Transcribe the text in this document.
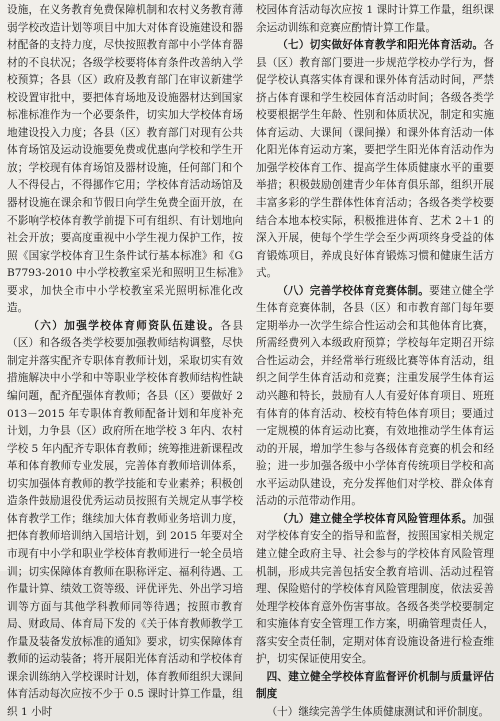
设施，在义务教育免费保障机制和农村义务教育薄弱学校改造计划等项目中加大对体育设施建设和器材配备的支持力度，尽快按照教育部中小学体育器材的不良状况；各级学校要将体育条件改善纳入学校预算；各县（区）政府及教育部门在审议新建学校设置审批中，要把体育场地及设施器材达到国家标准标准作为一个必要条件，切实加大学校体育场地建设投入力度；各县（区）教育部门对现有公共体育场馆及运动设施要免费或优惠向学校和学生开放；学校现有体育场馆及器材设施，任何部门和个人不得侵占，不得挪作它用；学校体育活动场馆及器材设施在课余和节假日向学生免费全面开放，在不影响学校体育教学前提下可有组织、有计划地向社会开放；要高度重视中小学生视力保护工作，按照《国家学校体育卫生条件试行基本标准》和《GB7793-2010 中小学校教室采光和照明卫生标准》要求，加快全市中小学校教室采光照明标准化改造。

（六）加强学校体育师资队伍建设。各县（区）和各级各类学校要加强教师结构调整，尽快制定并落实配齐专职体育教师计划，采取切实有效措施解决中小学和中等职业学校体育教师结构性缺编问题，配齐配强体育教师；各县（区）要做好 2013－2015 年专职体育教师配备计划和年度补充计划，力争县（区）政府所在地学校 3 年内、农村学校 5 年内配齐专职体育教师；统筹推进新课程改革和体育教师专业发展，完善体育教师培训体系，切实加强体育教师的教学技能和专业素养；积极创造条件鼓励退役优秀运动员按照有关规定从事学校体育教学工作；继续加大体育教师业务培训力度，把体育教师培训纳入国培计划，到 2015 年要对全市现有中小学和职业学校体育教师进行一轮全员培训；切实保障体育教师在职称评定、福利待遇、工作量计算、绩效工资等级、评优评先、外出学习培训等方面与其他学科教师同等待遇；按照市教育局、财政局、体育局下发的《关于体育教师教学工作量及装备发放标准的通知》要求，切实保障体育教师的运动装备；将开展阳光体育活动和学校体育课余训练纳入学校课时计划，体育教师组织大课间体育活动每次应按不少于 0.5 课时计算工作量，组织 1 小时

校园体育活动每次应按 1 课时计算工作量，组织课余运动训练和竞赛应酌情计算工作量。

（七）切实做好体育教学和阳光体育活动。各县（区）教育部门要进一步规范学校办学行为，督促学校认真落实体育课和课外体育活动时间，严禁挤占体育课和学生校园体育活动时间；各级各类学校要根据学生年龄、性别和体质状况，制定和实施体育运动、大课间（课间操）和课外体育活动一体化阳光体育运动方案，要把学生阳光体育活动作为加强学校体育工作、提高学生体质健康水平的重要举措；积极鼓励创建青少年体育俱乐部，组织开展丰富多彩的学生群体性体育活动；各级各类学校要结合本地本校实际，积极推进体育、艺术 2＋1 的深入开展，使每个学生学会至少两项终身受益的体育锻炼项目，养成良好体育锻炼习惯和健康生活方式。

（八）完善学校体育竞赛体制。要建立健全学生体育竞赛体制，各县（区）和市教育部门每年要定期举办一次学生综合性运动会和其他体育比赛，所需经费列入本级政府预算；学校每年定期召开综合性运动会，并经常举行班级比赛等体育活动，组织之间学生体育活动和竞赛；注重发展学生体育运动兴趣和特长，鼓励有人人有爱好体育项目、班班有体育的体育活动、校校有特色体育项目；要通过一定规模的体育运动比赛，有效地推动学生体育运动的开展，增加学生参与各级体育竞赛的机会和经验；进一步加强各级中小学体育传统项目学校和高水平运动队建设，充分发挥他们对学校、群众体育活动的示范带动作用。

（九）建立健全学校体育风险管理体系。加强对学校体育安全的指导和监督，按照国家相关规定建立健全政府主导、社会参与的学校体育风险管理机制，形成共完善包括安全教育培训、活动过程管理、保险赔付的学校体育风险管理制度，依法妥善处理学校体育意外伤害事故。各级各类学校要制定和实施体育安全管理工作方案，明确管理责任人，落实安全责任制，定期对体育设施设备进行检查维护，切实保证使用安全。

四、建立健全学校体育监督评价机制与质量评估制度

（十）继续完善学生体质健康测试和评价制度。
